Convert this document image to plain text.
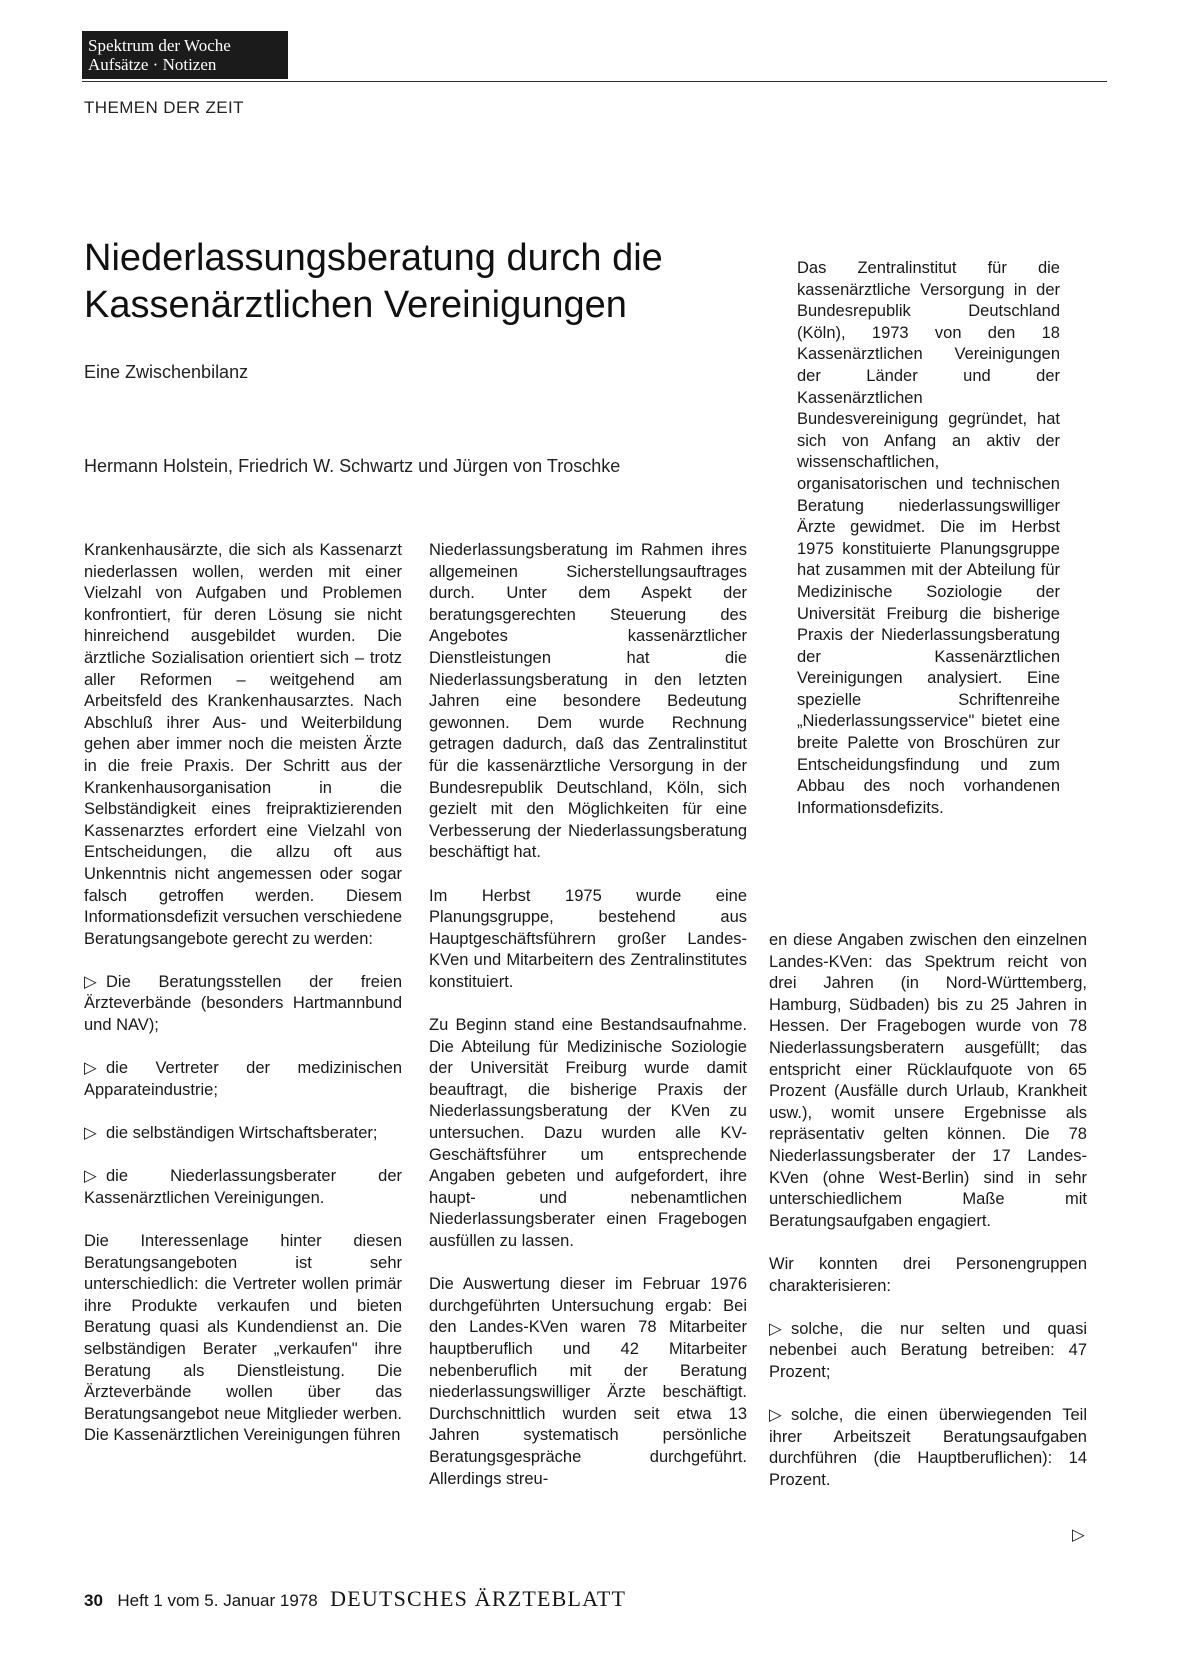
Spektrum der Woche
Aufsätze · Notizen
THEMEN DER ZEIT
Niederlassungsberatung durch die Kassenärztlichen Vereinigungen
Eine Zwischenbilanz
Hermann Holstein, Friedrich W. Schwartz und Jürgen von Troschke

Das Zentralinstitut für die kassenärztliche Versorgung in der Bundesrepublik Deutschland (Köln), 1973 von den 18 Kassenärztlichen Vereinigungen der Länder und der Kassenärztlichen Bundesvereinigung gegründet, hat sich von Anfang an aktiv der wissenschaftlichen, organisatorischen und technischen Beratung niederlassungswilliger Ärzte gewidmet. Die im Herbst 1975 konstituierte Planungsgruppe hat zusammen mit der Abteilung für Medizinische Soziologie der Universität Freiburg die bisherige Praxis der Niederlassungsberatung der Kassenärztlichen Vereinigungen analysiert. Eine spezielle Schriftenreihe „Niederlassungsservice" bietet eine breite Palette von Broschüren zur Entscheidungsfindung und zum Abbau des noch vorhandenen Informationsdefizits.

Krankenhausärzte, die sich als Kassenarzt niederlassen wollen, werden mit einer Vielzahl von Aufgaben und Problemen konfrontiert, für deren Lösung sie nicht hinreichend ausgebildet wurden. Die ärztliche Sozialisation orientiert sich – trotz aller Reformen – weitgehend am Arbeitsfeld des Krankenhausarztes. Nach Abschluß ihrer Aus- und Weiterbildung gehen aber immer noch die meisten Ärzte in die freie Praxis. Der Schritt aus der Krankenhausorganisation in die Selbständigkeit eines freipraktizierenden Kassenarztes erfordert eine Vielzahl von Entscheidungen, die allzu oft aus Unkenntnis nicht angemessen oder sogar falsch getroffen werden. Diesem Informationsdefizit versuchen verschiedene Beratungsangebote gerecht zu werden:

▷ Die Beratungsstellen der freien Ärzteverbände (besonders Hartmannbund und NAV);

▷ die Vertreter der medizinischen Apparateindustrie;

▷ die selbständigen Wirtschaftsberater;

▷ die Niederlassungsberater der Kassenärztlichen Vereinigungen.

Die Interessenlage hinter diesen Beratungsangeboten ist sehr unterschiedlich: die Vertreter wollen primär ihre Produkte verkaufen und bieten Beratung quasi als Kundendienst an. Die selbständigen Berater „verkaufen" ihre Beratung als Dienstleistung. Die Ärzteverbände wollen über das Beratungsangebot neue Mitglieder werben. Die Kassenärztlichen Vereinigungen führen

Niederlassungsberatung im Rahmen ihres allgemeinen Sicherstellungsauftrages durch. Unter dem Aspekt der beratungsgerechten Steuerung des Angebotes kassenärztlicher Dienstleistungen hat die Niederlassungsberatung in den letzten Jahren eine besondere Bedeutung gewonnen. Dem wurde Rechnung getragen dadurch, daß das Zentralinstitut für die kassenärztliche Versorgung in der Bundesrepublik Deutschland, Köln, sich gezielt mit den Möglichkeiten für eine Verbesserung der Niederlassungsberatung beschäftigt hat.

Im Herbst 1975 wurde eine Planungsgruppe, bestehend aus Hauptgeschäftsführern großer Landes-KVen und Mitarbeitern des Zentralinstitutes konstituiert.

Zu Beginn stand eine Bestandsaufnahme. Die Abteilung für Medizinische Soziologie der Universität Freiburg wurde damit beauftragt, die bisherige Praxis der Niederlassungsberatung der KVen zu untersuchen. Dazu wurden alle KV-Geschäftsführer um entsprechende Angaben gebeten und aufgefordert, ihre haupt- und nebenamtlichen Niederlassungsberater einen Fragebogen ausfüllen zu lassen.

Die Auswertung dieser im Februar 1976 durchgeführten Untersuchung ergab: Bei den Landes-KVen waren 78 Mitarbeiter hauptberuflich und 42 Mitarbeiter nebenberuflich mit der Beratung niederlassungswilliger Ärzte beschäftigt. Durchschnittlich wurden seit etwa 13 Jahren systematisch persönliche Beratungsgespräche durchgeführt. Allerdings streu-

en diese Angaben zwischen den einzelnen Landes-KVen: das Spektrum reicht von drei Jahren (in Nord-Württemberg, Hamburg, Südbaden) bis zu 25 Jahren in Hessen. Der Fragebogen wurde von 78 Niederlassungsberatern ausgefüllt; das entspricht einer Rücklaufquote von 65 Prozent (Ausfälle durch Urlaub, Krankheit usw.), womit unsere Ergebnisse als repräsentativ gelten können. Die 78 Niederlassungsberater der 17 Landes-KVen (ohne West-Berlin) sind in sehr unterschiedlichem Maße mit Beratungsaufgaben engagiert.

Wir konnten drei Personengruppen charakterisieren:

▷ solche, die nur selten und quasi nebenbei auch Beratung betreiben: 47 Prozent;

▷ solche, die einen überwiegenden Teil ihrer Arbeitszeit Beratungsaufgaben durchführen (die Hauptberuflichen): 14 Prozent.

▷
30 Heft 1 vom 5. Januar 1978 DEUTSCHES ÄRZTEBLATT
